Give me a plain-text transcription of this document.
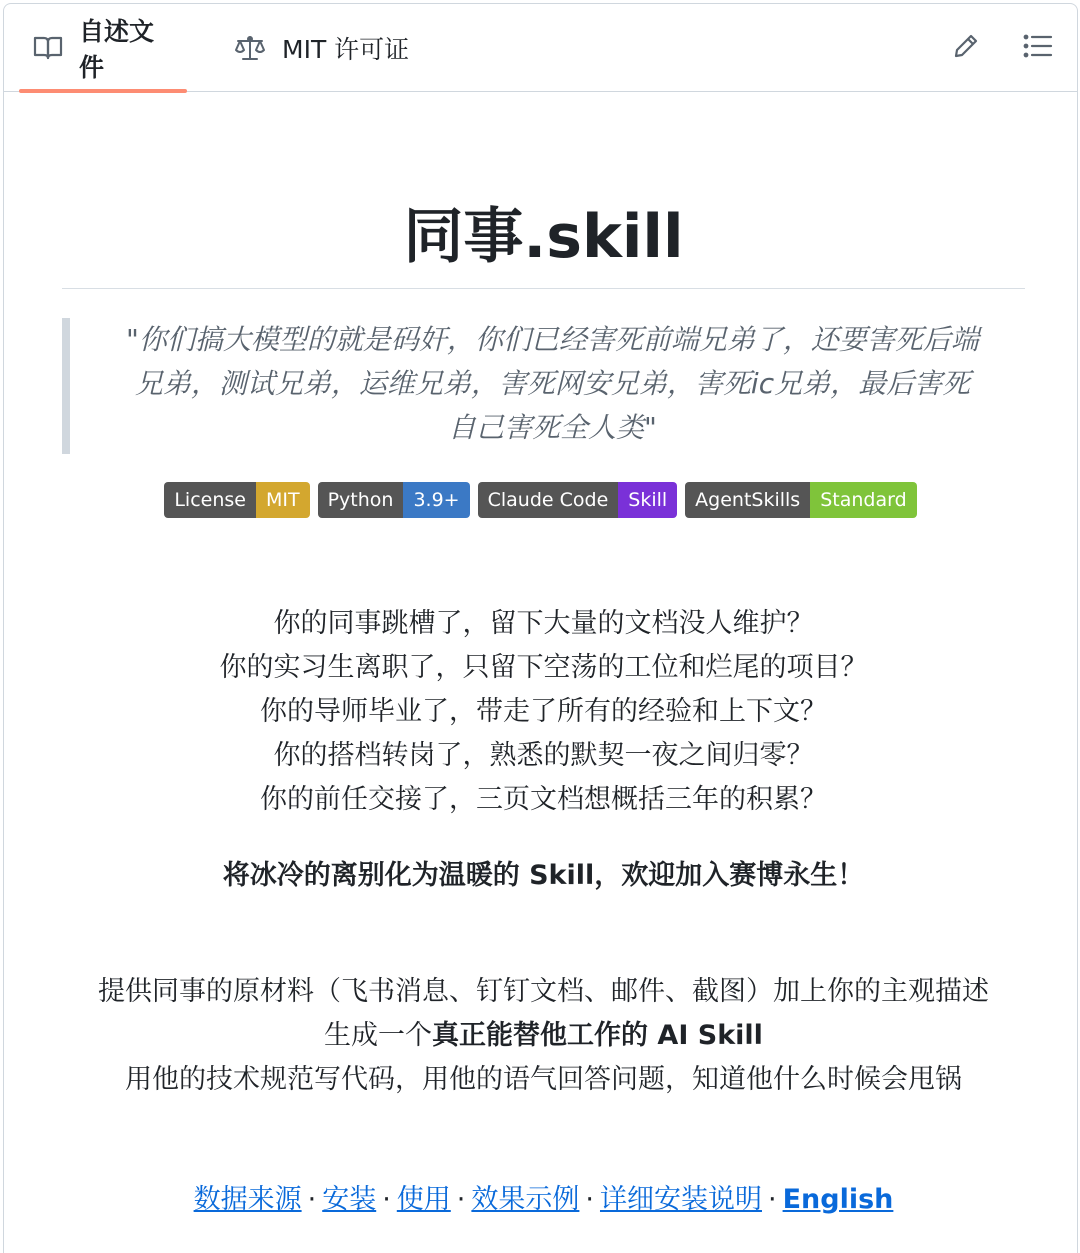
自述文件
MIT 许可证
同事.skill

"你们搞大模型的就是码奸，你们已经害死前端兄弟了，还要害死后端

兄弟，测试兄弟，运维兄弟，害死网安兄弟，害死ic兄弟，最后害死

自己害死全人类"

License	MIT	Python	3.9+	Claude Code	Skill	AgentSkills	Standard
你的同事跳槽了，留下大量的文档没人维护？
你的实习生离职了，只留下空荡的工位和烂尾的项目？
你的导师毕业了，带走了所有的经验和上下文？
你的搭档转岗了，熟悉的默契一夜之间归零？
你的前任交接了，三页文档想概括三年的积累？
将冰冷的离别化为温暖的 Skill，欢迎加入赛博永生！
提供同事的原材料（飞书消息、钉钉文档、邮件、截图）加上你的主观描述
生成一个真正能替他工作的 AI Skill
用他的技术规范写代码，用他的语气回答问题，知道他什么时候会甩锅
数据来源 · 安装 · 使用 · 效果示例 · 详细安装说明 · English
